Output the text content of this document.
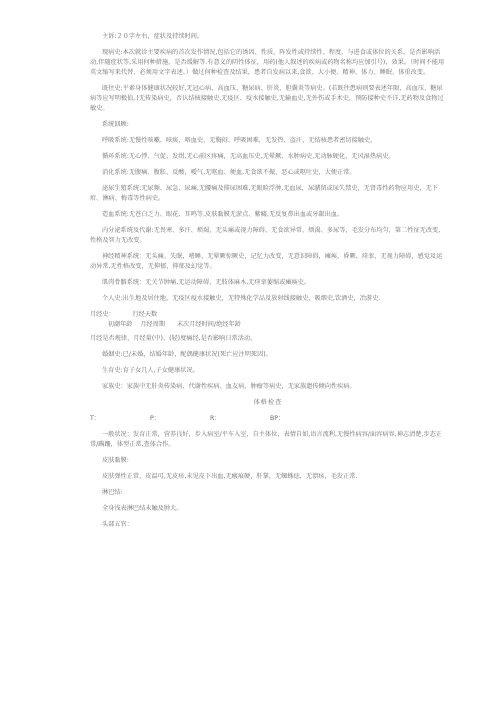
主诉:２０字左右，症状及持续时间。

现病史:本次就诊主要疾病的首次发作情况,包括它的诱因、性质、阵发性或持续性、程度，与进食或体位的关系，是否影响活动,伴随症状等,采用何种措施，是否缓解等.有意义的阴性体征，用药(他人叙述的疾病或药物名称均应加引号)，效果。（时间不能用英文缩写来代替，必须用文字表述。）做过何种检查及结果，患者自发病以来,食欲、大小便、精神、体力、睡眠、体重改变。

既往史:平素身体健康状况较好,无冠心病、高血压、糖尿病、肝炎、胆囊炎等病史。(若既往患病则要表述年限，高血压、糖尿病等应写明极值。)无传染病史，否认结核接触史,无疫区、疫水接触史,无输血史,无外伤或手术史，预防接种史不详,无药物及食物过敏史。

系统回顾:

呼吸系统:无慢性咳嗽、咳痰、咯血史，无胸闷、呼吸困难，无发热、盗汗，无结核患者密切接触史。

循环系统:无心悸、气促、发绀,无心前区疼痛，无高血压史,无晕厥、水肿病史,无动脉硬化，无风湿热病史。

消化系统:无腹痛、腹胀、反酸，嗳气,无呕血、便血,无食欲不振、恶心或呕吐史，大便正常。

泌尿生殖系统:无尿频、尿急、尿痛,无腰痛及排尿困难,无眼睑浮肿,无血尿，尿潴留或尿失禁史，无肾毒性药物应用史，无下疳、淋病、梅毒等性病史。

造血系统:无苍白乏力、眼花、耳鸣等,皮肤黏膜无淤点、紫癜,无反复鼻出血或牙龈出血。

内分泌系统及代谢:无畏寒、多汗、烦渴，无头痛或视力障碍，无食欲异常、烦渴、多尿等，毛发分布均匀，第二性征无改变,性格及智力无改变。

神经精神系统：无头痛、失眠，嗜睡，无晕厥惊厥史，记忆力改变，无意识障碍，瘫痪，昏厥、痉挛，无视力障碍，感觉及运动异常,无性格改变，无抑郁、抑郁及幻觉等。

肌肉骨骼系统：无关节肿痛,无运动障碍，无肢体麻木,无痉挛萎缩或瘫痪史。

个人史:出生地及居住地，无疫区疫水接触史，无特殊化学品及放射线接触史，吸烟史,饮酒史，冶游史.

月经史：         行经天数
初潮年龄    月经周期      末次月经时间/绝经年龄

月经是否规律，月经量(中)、(轻)度痛经,是否影响日常活动。

婚姻史:已/未婚，结婚年龄，配偶健康状况(死亡应注明死因)。

生育史:育子女几人,子女健康状况。

家族史：家族中无肝炎传染病、代谢性疾病、血友病、肿瘤等病史，无家族遗传倾向性疾病。

体格检查
T：	P：	R：	BP：

一般状况：发育正常，营养良好，步入病室/平车入室，自主体位，表情自如,语言流利,无慢性病容/面容病容,神志清楚,步态正常/蹒跚，体型正常,查体合作。

皮肤黏膜:

皮肤弹性正常，皮温可,无皮疹,未见皮下出血,无瘢痕硬，肝掌，无蜘蛛痣，无溃疡，毛发正常.

淋巴结:

全身浅表淋巴结未触及肿大。

头部五官：
